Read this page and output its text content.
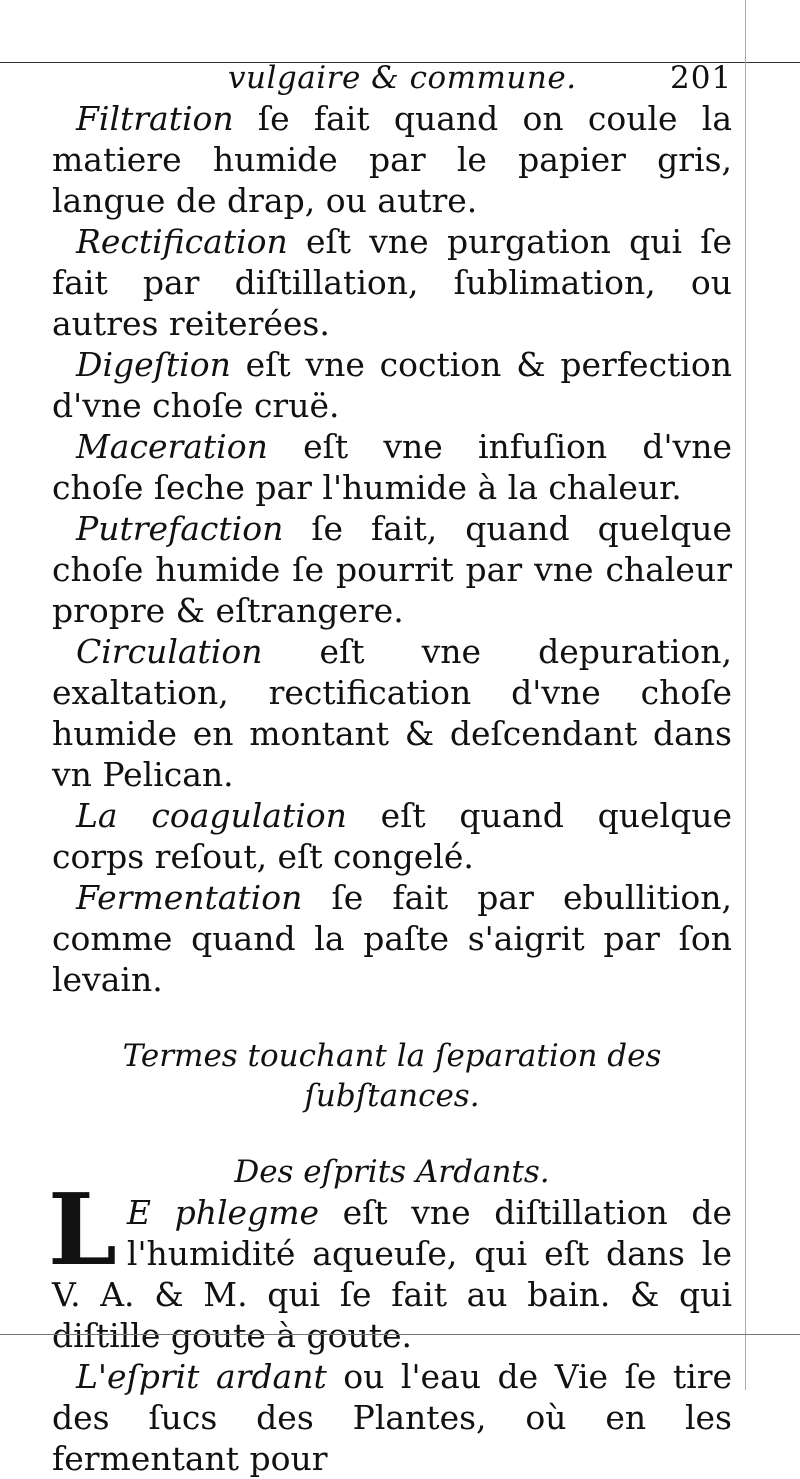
vulgaire & commune.	201

Filtration ſe fait quand on coule la matiere humide par le papier gris, langue de drap, ou autre.

Rectification eſt vne purgation qui ſe fait par diſtillation, ſublimation, ou autres reiterées.

Digeſtion eſt vne coction & perfection d'vne choſe cruë.

Maceration eſt vne infuſion d'vne choſe ſeche par l'humide à la chaleur.

Putrefaction ſe fait, quand quelque choſe humide ſe pourrit par vne chaleur propre & eſtrangere.

Circulation eſt vne depuration, exaltation, rectification d'vne choſe humide en montant & deſcendant dans vn Pelican.

La coagulation eſt quand quelque corps reſout, eſt congelé.

Fermentation ſe fait par ebullition, comme quand la paſte s'aigrit par ſon levain.

Termes touchant la ſeparation des ſubſtances.
Des eſprits Ardants.

L E phlegme eſt vne diſtillation de l'humidité aqueuſe, qui eſt dans le V. A. & M. qui ſe fait au bain. & qui diſtille goute à goute.

L'eſprit ardant ou l'eau de Vie ſe tire des ſucs des Plantes, où en les fermentant pour
